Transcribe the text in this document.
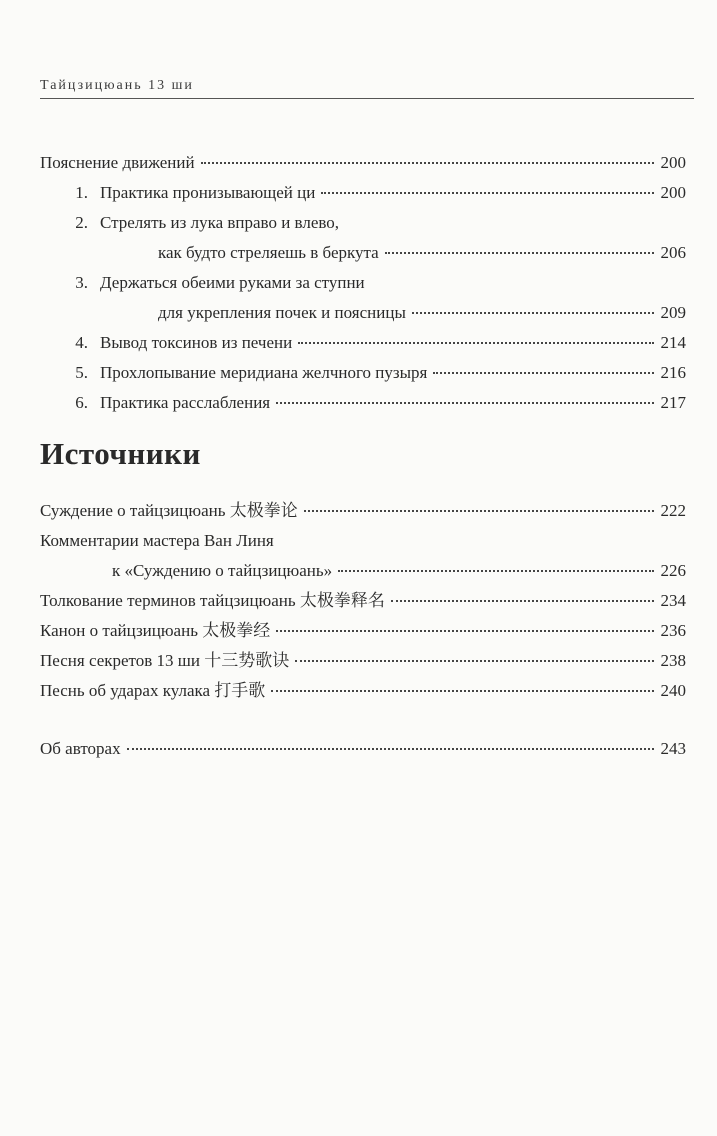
Тайцзицюань 13 ши
Пояснение движений	200
1. Практика пронизывающей ци	200
2. Стрелять из лука вправо и влево,
как будто стреляешь в беркута	206
3. Держаться обеими руками за ступни
для укрепления почек и поясницы	209
4. Вывод токсинов из печени	214
5. Прохлопывание меридиана желчного пузыря	216
6. Практика расслабления	217
Источники
Суждение о тайцзицюань 太极拳论	222
Комментарии мастера Ван Линя
к «Суждению о тайцзицюань»	226
Толкование терминов тайцзицюань 太极拳释名	234
Канон о тайцзицюань 太极拳经	236
Песня секретов 13 ши 十三势歌诀	238
Песнь об ударах кулака 打手歌	240
Об авторах	243
